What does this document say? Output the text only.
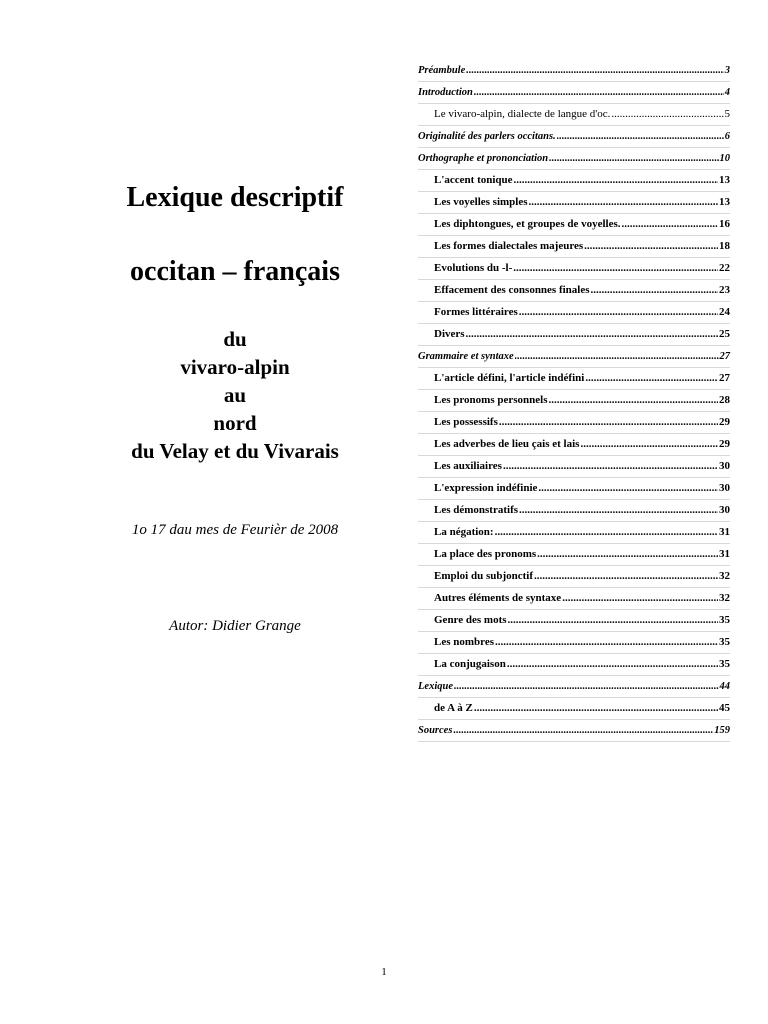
Lexique descriptif
occitan – français
du
vivaro-alpin
au
nord
du Velay et du Vivarais
1o 17 dau mes de Feurièr de 2008
Autor: Didier Grange
Préambule .....	3
Introduction .....	4
Le vivaro-alpin, dialecte de langue d'oc. .....	5
Originalité des parlers occitans. .....	6
Orthographe et prononciation .....	10
L'accent tonique .....	13
Les voyelles simples .....	13
Les diphtongues, et groupes de voyelles. .....	16
Les formes dialectales majeures .....	18
Evolutions du -l- .....	22
Effacement des consonnes finales .....	23
Formes littéraires .....	24
Divers .....	25
Grammaire et syntaxe .....	27
L'article défini, l'article indéfini .....	27
Les pronoms personnels .....	28
Les possessifs .....	29
Les adverbes de lieu çais et lais .....	29
Les auxiliaires .....	30
L'expression indéfinie .....	30
Les démonstratifs .....	30
La négation: .....	31
La place des pronoms .....	31
Emploi du subjonctif .....	32
Autres éléments de syntaxe .....	32
Genre des mots .....	35
Les nombres .....	35
La conjugaison .....	35
Lexique .....	44
de A à Z .....	45
Sources .....	159
1
